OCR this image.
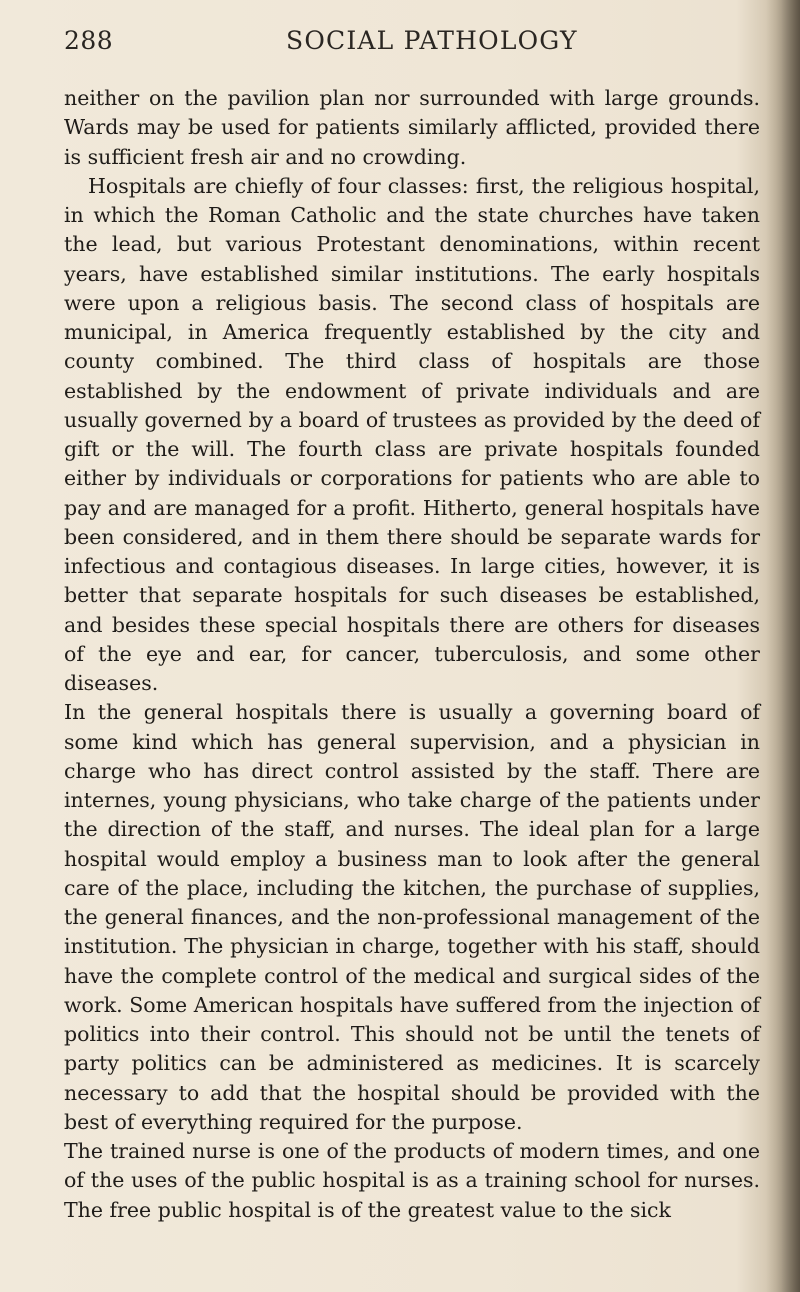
288	SOCIAL PATHOLOGY

neither on the pavilion plan nor surrounded with large grounds. Wards may be used for patients similarly afflicted, provided there is sufficient fresh air and no crowding.

Hospitals are chiefly of four classes: first, the religious hospital, in which the Roman Catholic and the state churches have taken the lead, but various Protestant denominations, within recent years, have established similar institutions. The early hospitals were upon a religious basis. The second class of hospitals are municipal, in America frequently established by the city and county combined. The third class of hospitals are those established by the endowment of private individuals and are usually governed by a board of trustees as provided by the deed of gift or the will. The fourth class are private hospitals founded either by individuals or corporations for patients who are able to pay and are managed for a profit. Hitherto, general hospitals have been considered, and in them there should be separate wards for infectious and contagious diseases. In large cities, however, it is better that separate hospitals for such diseases be established, and besides these special hospitals there are others for diseases of the eye and ear, for cancer, tuberculosis, and some other diseases.

In the general hospitals there is usually a governing board of some kind which has general supervision, and a physician in charge who has direct control assisted by the staff. There are internes, young physicians, who take charge of the patients under the direction of the staff, and nurses. The ideal plan for a large hospital would employ a business man to look after the general care of the place, including the kitchen, the purchase of supplies, the general finances, and the non-professional management of the institution. The physician in charge, together with his staff, should have the complete control of the medical and surgical sides of the work. Some American hospitals have suffered from the injection of politics into their control. This should not be until the tenets of party politics can be administered as medicines. It is scarcely necessary to add that the hospital should be provided with the best of everything required for the purpose.

The trained nurse is one of the products of modern times, and one of the uses of the public hospital is as a training school for nurses. The free public hospital is of the greatest value to the sick
